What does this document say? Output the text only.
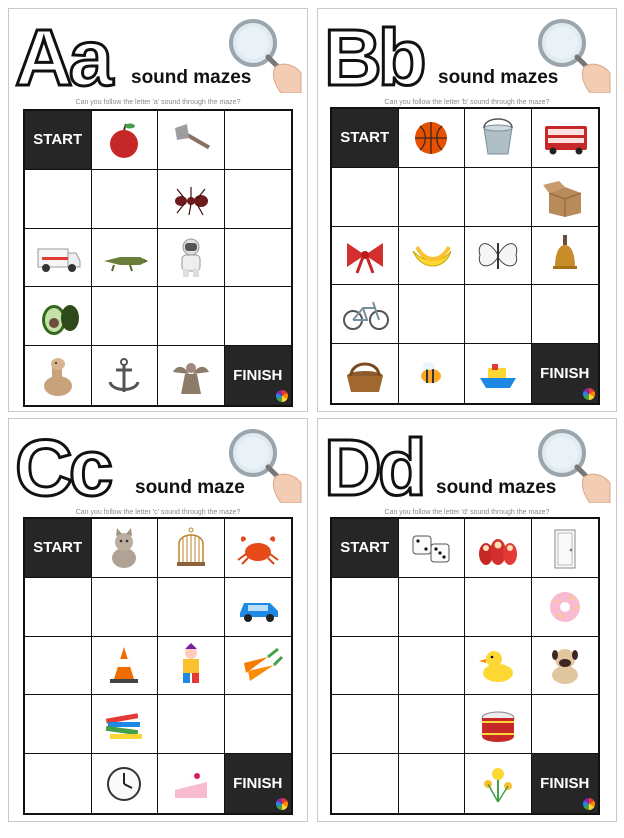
A a sound mazes
Can you follow the letter 'a' sound through the maze?
START
FINISH
B b sound mazes
Can you follow the letter 'b' sound through the maze?
START
FINISH
C c sound maze
Can you follow the letter 'c' sound through the maze?
START
FINISH
D d sound mazes
Can you follow the letter 'd' sound through the maze?
START
FINISH
